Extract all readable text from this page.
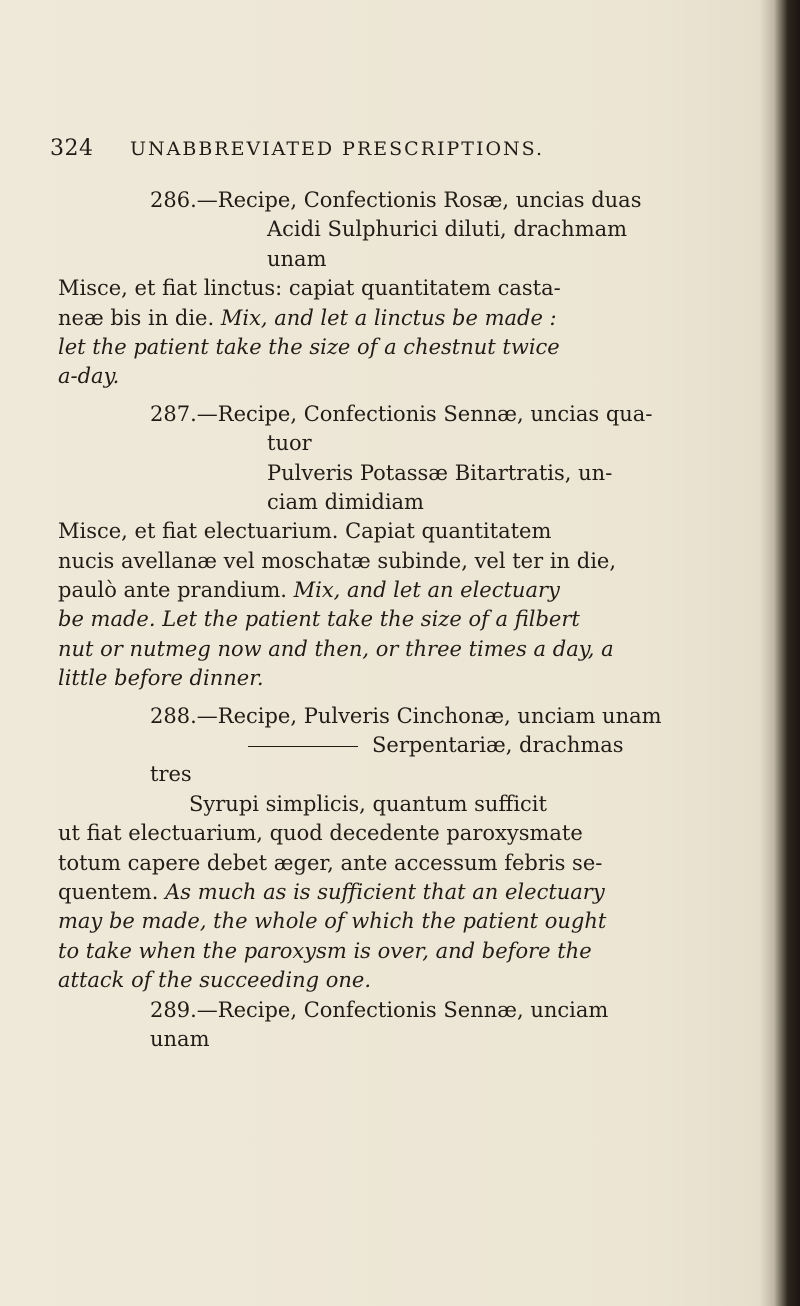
324 UNABBREVIATED PRESCRIPTIONS.
286.—Recipe, Confectionis Rosæ, uncias duas
Acidi Sulphurici diluti, drachmam
unam
Misce, et fiat linctus: capiat quantitatem casta-
neæ bis in die. Mix, and let a linctus be made :
let the patient take the size of a chestnut twice
a-day.
287.—Recipe, Confectionis Sennæ, uncias qua-
tuor
Pulveris Potassæ Bitartratis, un-
ciam dimidiam
Misce, et fiat electuarium. Capiat quantitatem
nucis avellanæ vel moschatæ subinde, vel ter in die,
paulò ante prandium. Mix, and let an electuary
be made. Let the patient take the size of a filbert
nut or nutmeg now and then, or three times a day, a
little before dinner.
288.—Recipe, Pulveris Cinchonæ, unciam unam
Serpentariæ, drachmas
tres
Syrupi simplicis, quantum sufficit
ut fiat electuarium, quod decedente paroxysmate
totum capere debet æger, ante accessum febris se-
quentem. As much as is sufficient that an electuary
may be made, the whole of which the patient ought
to take when the paroxysm is over, and before the
attack of the succeeding one.
289.—Recipe, Confectionis Sennæ, unciam
unam
